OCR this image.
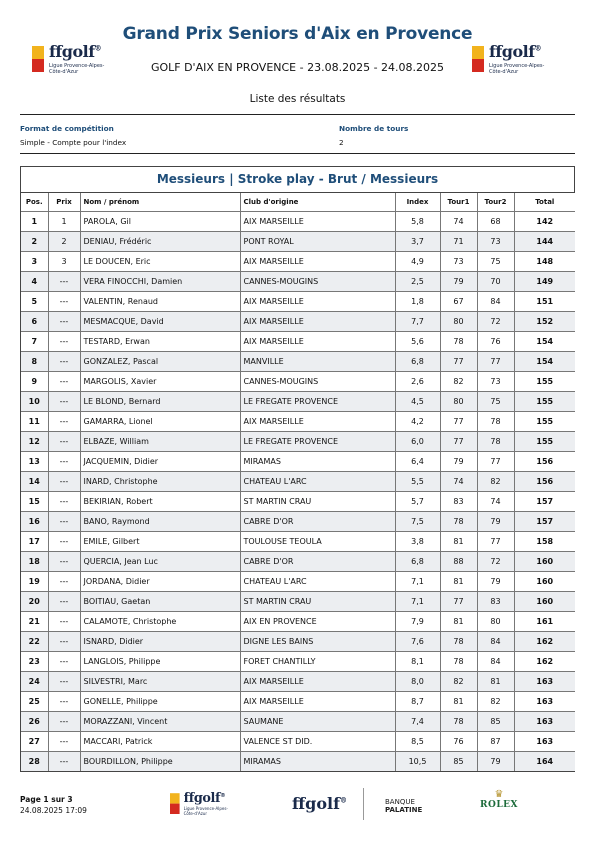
ffgolf®
Ligue Provence-Alpes-Côte-d'Azur
ffgolf®
Ligue Provence-Alpes-Côte-d'Azur
Grand Prix Seniors d'Aix en Provence
GOLF D'AIX EN PROVENCE - 23.08.2025 - 24.08.2025
Liste des résultats
Format de compétition
Simple - Compte pour l'index
Nombre de tours
2
Messieurs | Stroke play - Brut / Messieurs
Pos.	Prix	Nom / prénom	Club d'origine	Index	Tour1	Tour2	Total
1	1	PAROLA, Gil	AIX MARSEILLE	5,8	74	68	142
2	2	DENIAU, Frédéric	PONT ROYAL	3,7	71	73	144
3	3	LE DOUCEN, Eric	AIX MARSEILLE	4,9	73	75	148
4	---	VERA FINOCCHI, Damien	CANNES-MOUGINS	2,5	79	70	149
5	---	VALENTIN, Renaud	AIX MARSEILLE	1,8	67	84	151
6	---	MESMACQUE, David	AIX MARSEILLE	7,7	80	72	152
7	---	TESTARD, Erwan	AIX MARSEILLE	5,6	78	76	154
8	---	GONZALEZ, Pascal	MANVILLE	6,8	77	77	154
9	---	MARGOLIS, Xavier	CANNES-MOUGINS	2,6	82	73	155
10	---	LE BLOND, Bernard	LE FREGATE PROVENCE	4,5	80	75	155
11	---	GAMARRA, Lionel	AIX MARSEILLE	4,2	77	78	155
12	---	ELBAZE, William	LE FREGATE PROVENCE	6,0	77	78	155
13	---	JACQUEMIN, Didier	MIRAMAS	6,4	79	77	156
14	---	INARD, Christophe	CHATEAU L'ARC	5,5	74	82	156
15	---	BEKIRIAN, Robert	ST MARTIN CRAU	5,7	83	74	157
16	---	BANO, Raymond	CABRE D'OR	7,5	78	79	157
17	---	EMILE, Gilbert	TOULOUSE TEOULA	3,8	81	77	158
18	---	QUERCIA, Jean Luc	CABRE D'OR	6,8	88	72	160
19	---	JORDANA, Didier	CHATEAU L'ARC	7,1	81	79	160
20	---	BOITIAU, Gaetan	ST MARTIN CRAU	7,1	77	83	160
21	---	CALAMOTE, Christophe	AIX EN PROVENCE	7,9	81	80	161
22	---	ISNARD, Didier	DIGNE LES BAINS	7,6	78	84	162
23	---	LANGLOIS, Philippe	FORET CHANTILLY	8,1	78	84	162
24	---	SILVESTRI, Marc	AIX MARSEILLE	8,0	82	81	163
25	---	GONELLE, Philippe	AIX MARSEILLE	8,7	81	82	163
26	---	MORAZZANI, Vincent	SAUMANE	7,4	78	85	163
27	---	MACCARI, Patrick	VALENCE ST DID.	8,5	76	87	163
28	---	BOURDILLON, Philippe	MIRAMAS	10,5	85	79	164
Page 1 sur 3
24.08.2025 17:09
ffgolf®
Ligue Provence-Alpes-Côte-d'Azur
ffgolf®	BANQUE
PALATINE
♛
ROLEX
